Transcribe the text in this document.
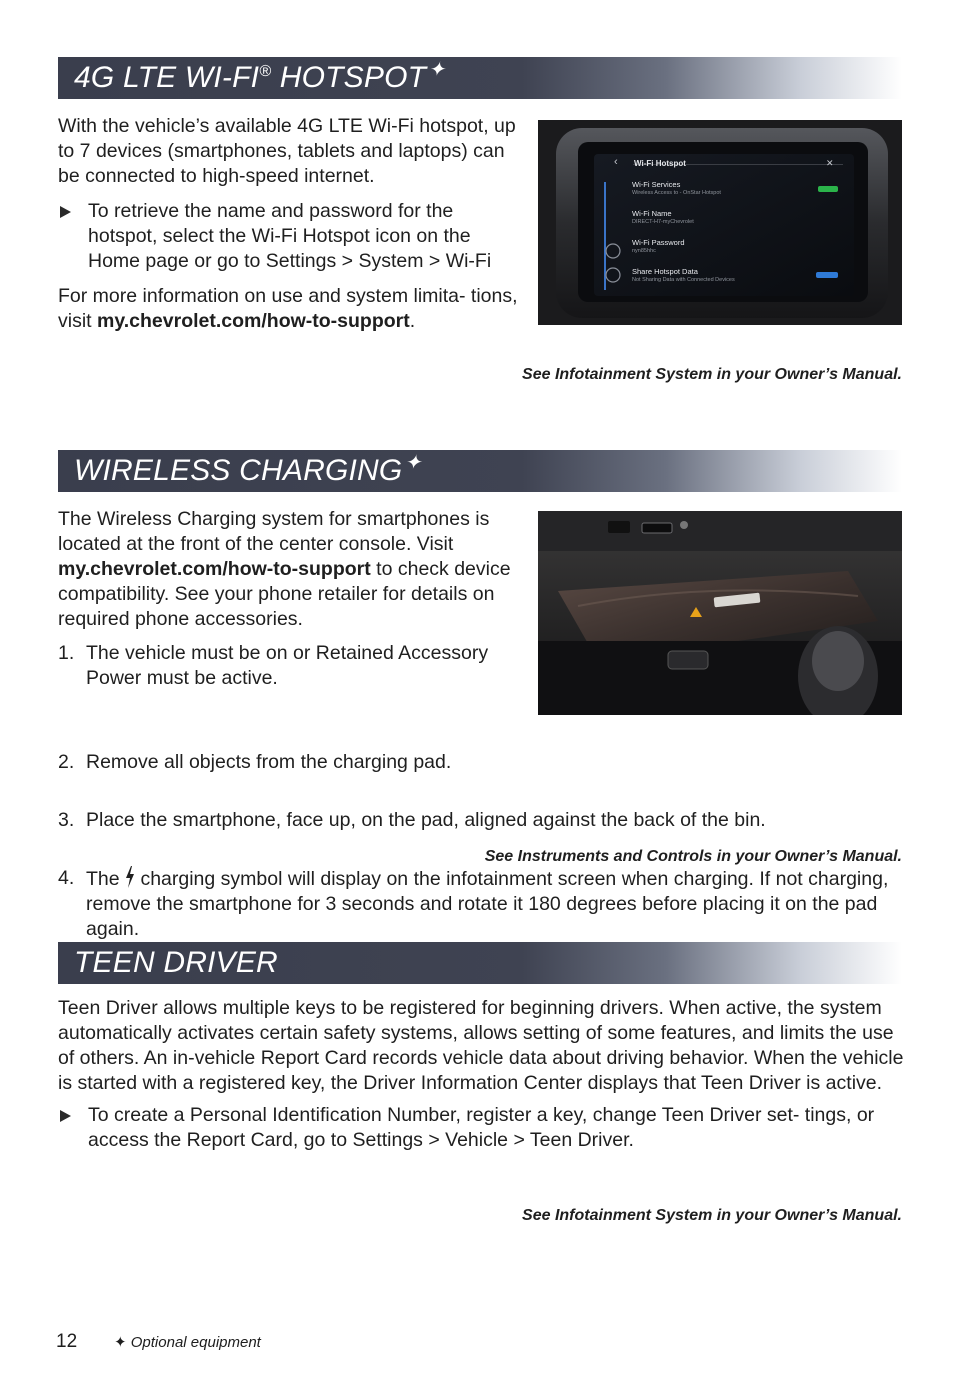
4G LTE WI-FI® HOTSPOT ✦

With the vehicle’s available 4G LTE Wi-Fi hotspot, up to 7 devices (smartphones, tablets and laptops) can be connected to high-speed internet.

To retrieve the name and password for the hotspot, select the Wi-Fi Hotspot icon on the Home page or go to Settings > System > Wi-Fi

For more information on use and system limita- tions, visit my.chevrolet.com/how-to-support.

‹ Wi-Fi Hotspot	✕
Wi-Fi Services
Wireless Access to - OnStar Hotspot
Wi-Fi Name
DIRECT-H7-myChevrolet
Wi-Fi Password
nyn85hhc
Share Hotspot Data
Not Sharing Data with Connected Devices
See Infotainment System in your Owner’s Manual.
WIRELESS CHARGING ✦

The Wireless Charging system for smartphones is located at the front of the center console. Visit my.chevrolet.com/how-to-support to check device compatibility. See your phone retailer for details on required phone accessories.

1. The vehicle must be on or Retained Accessory Power must be active.
2. Remove all objects from the charging pad.
3. Place the smartphone, face up, on the pad, aligned against the back of the bin.
4. The  charging symbol will display on the infotainment screen when charging. If not charging, remove the smartphone for 3 seconds and rotate it 180 degrees before placing it on the pad again.
See Instruments and Controls in your Owner’s Manual.
TEEN DRIVER

Teen Driver allows multiple keys to be registered for beginning drivers. When active, the system automatically activates certain safety systems, allows setting of some features, and limits the use of others. An in-vehicle Report Card records vehicle data about driving behavior. When the vehicle is started with a registered key, the Driver Information Center displays that Teen Driver is active.

To create a Personal Identification Number, register a key, change Teen Driver set- tings, or access the Report Card, go to Settings > Vehicle > Teen Driver.

See Infotainment System in your Owner’s Manual.
12 ✦ Optional equipment
